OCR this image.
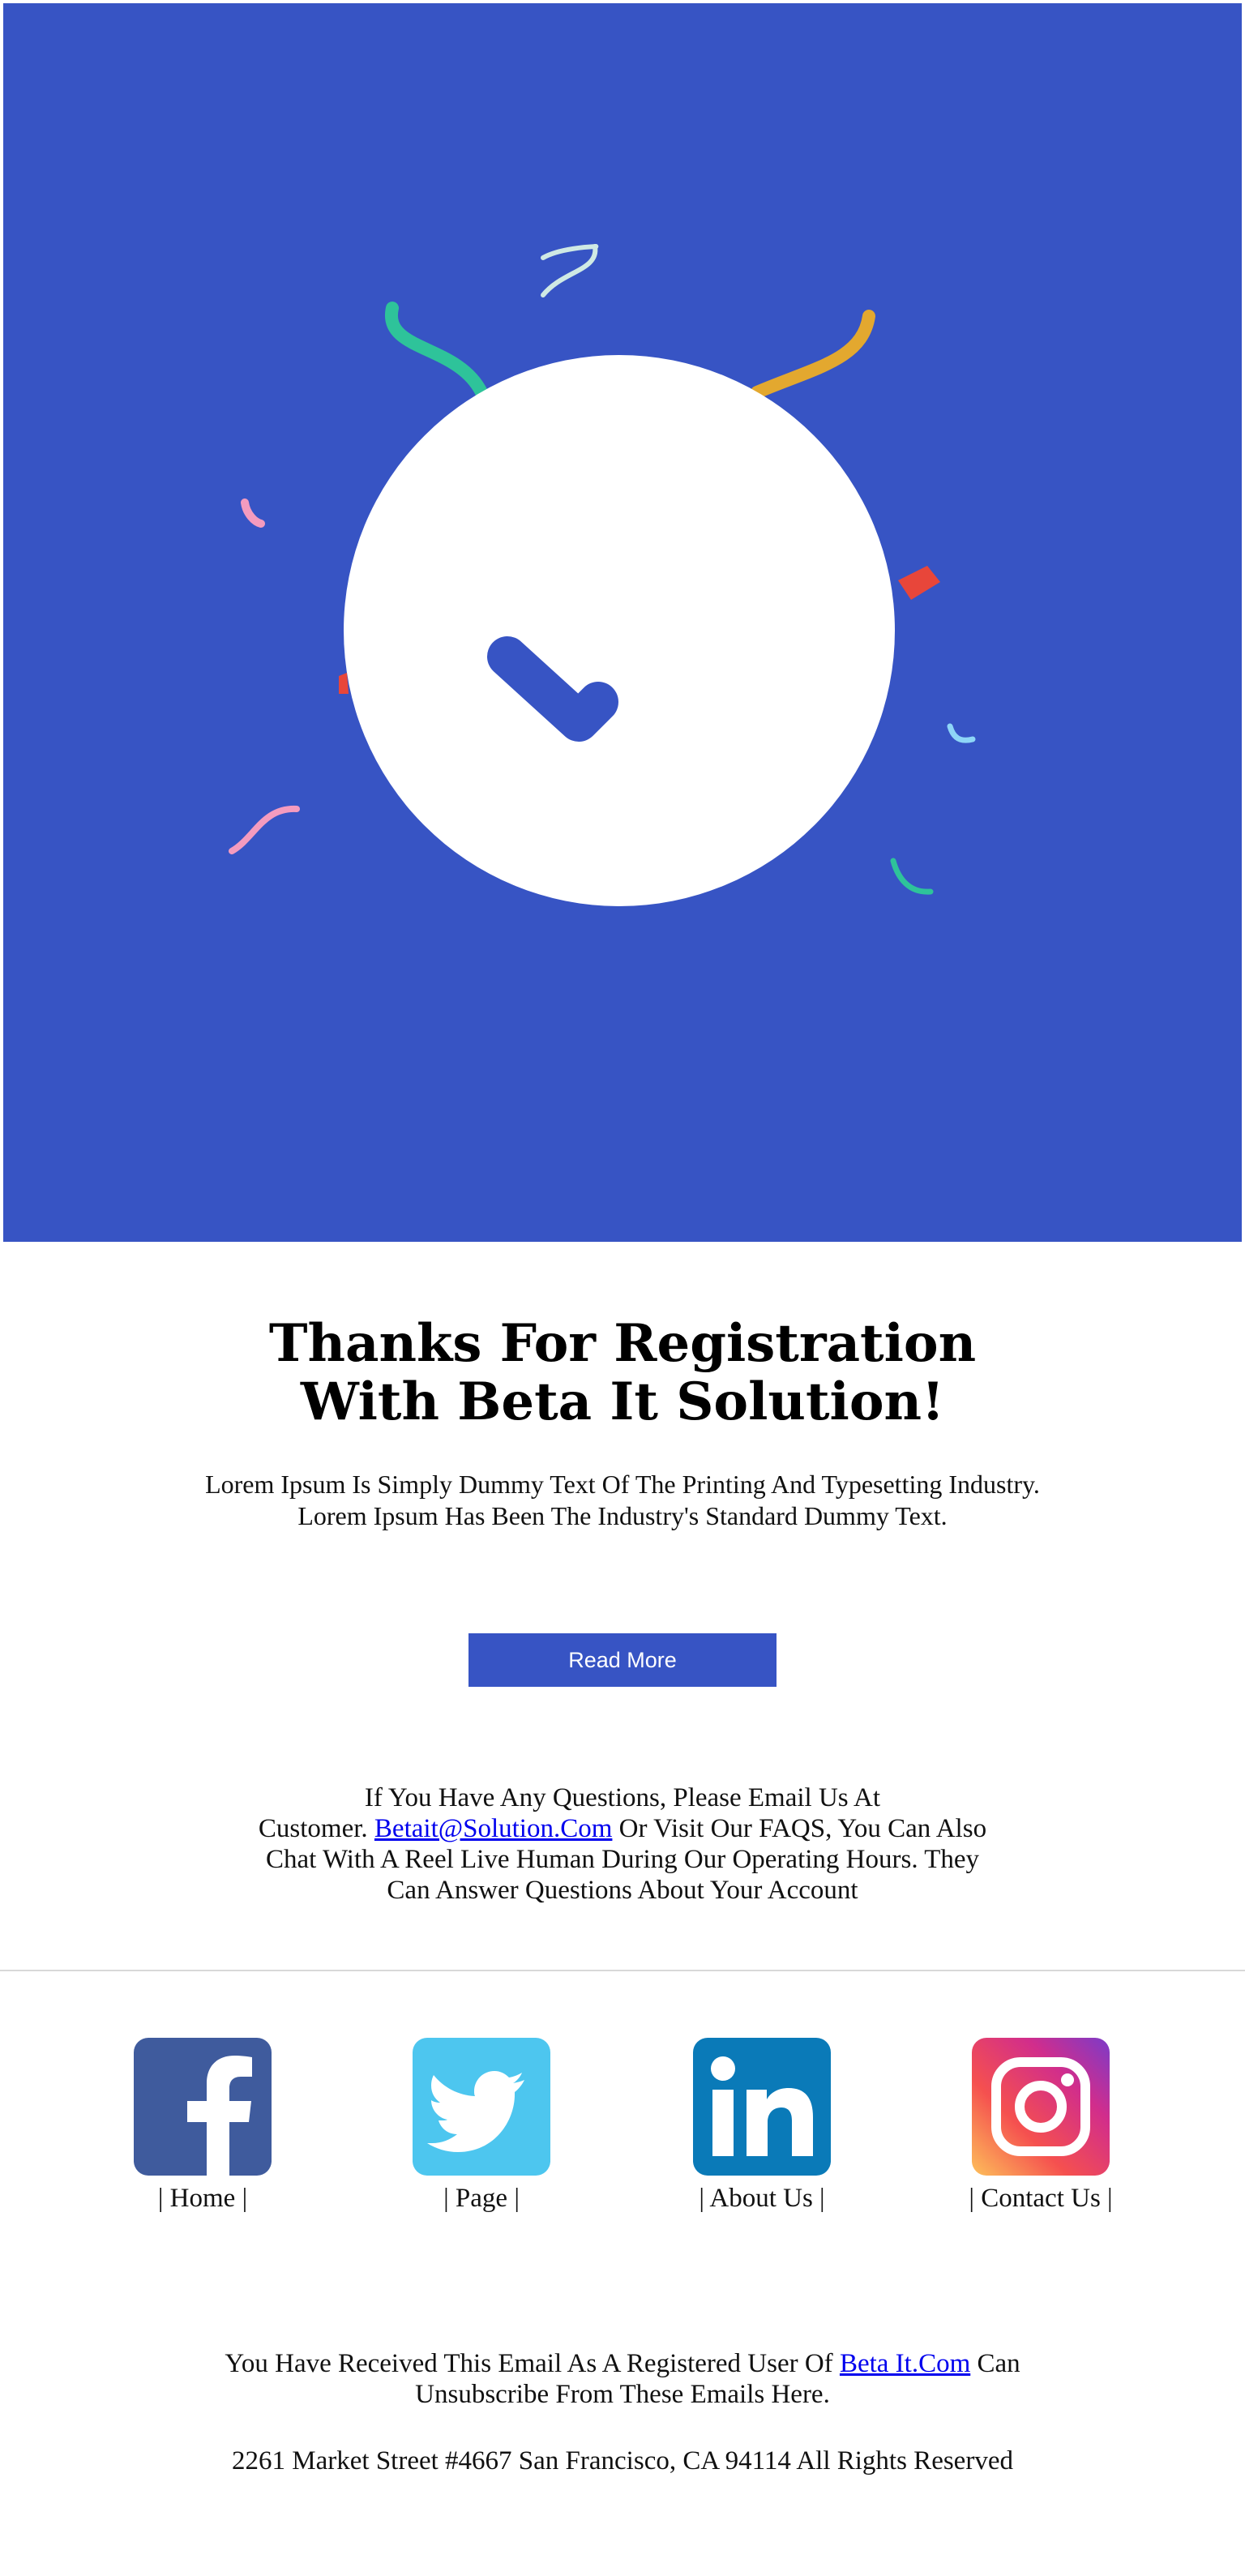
Thanks For Registration
With Beta It Solution!

Lorem Ipsum Is Simply Dummy Text Of The Printing And Typesetting Industry.
Lorem Ipsum Has Been The Industry's Standard Dummy Text.

Read More
If You Have Any Questions, Please Email Us At
Customer. Betait@Solution.Com Or Visit Our FAQS, You Can Also
Chat With A Reel Live Human During Our Operating Hours. They
Can Answer Questions About Your Account
| Home |	| Page |	| About Us |	| Contact Us |
You Have Received This Email As A Registered User Of Beta It.Com Can
Unsubscribe From These Emails Here.
2261 Market Street #4667 San Francisco, CA 94114 All Rights Reserved
